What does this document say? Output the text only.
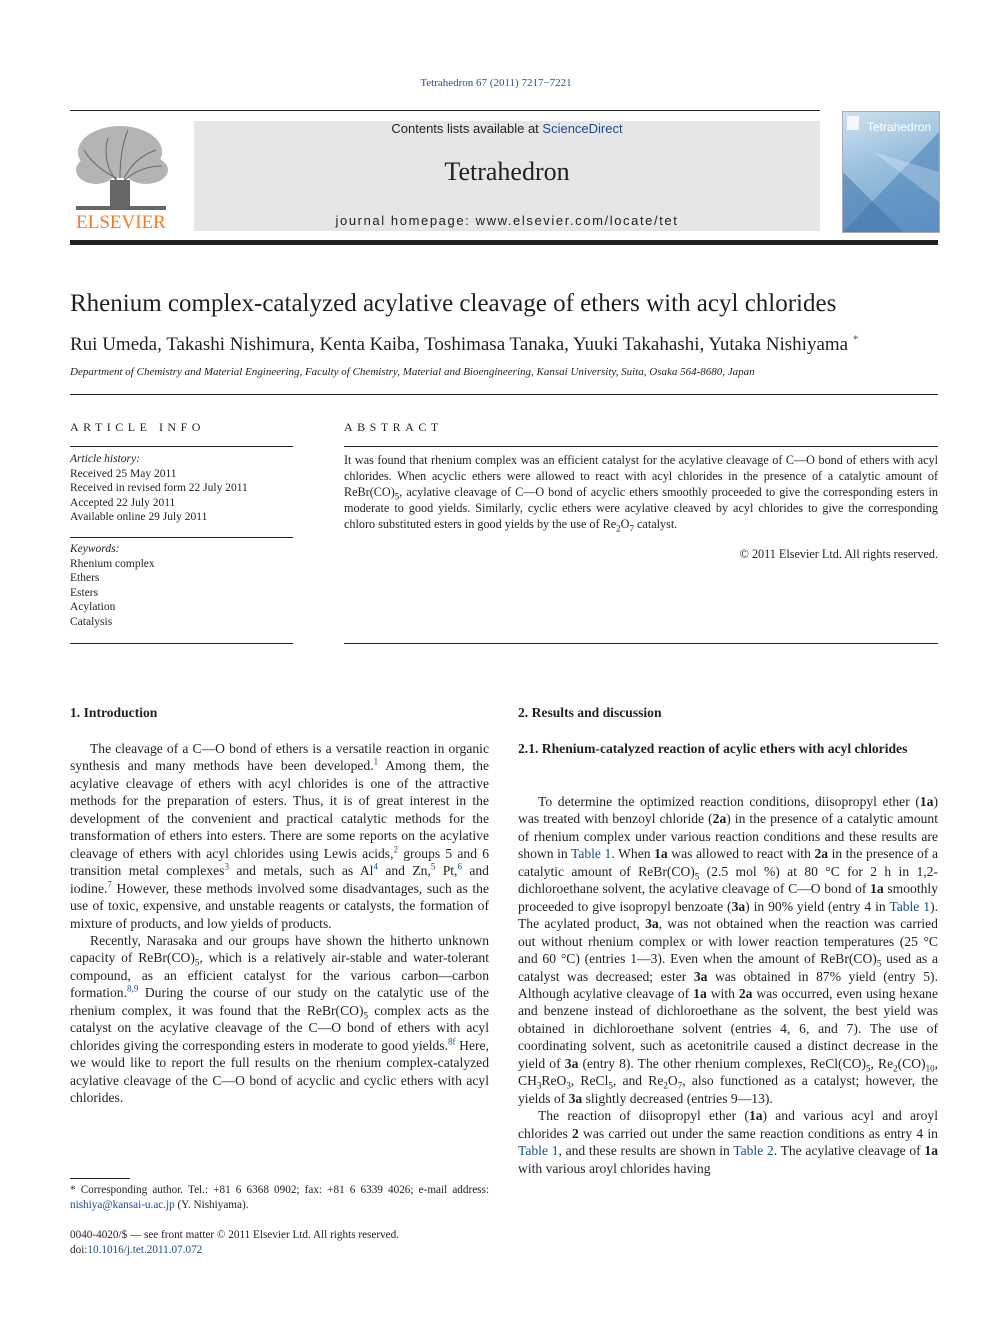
Tetrahedron 67 (2011) 7217−7221
ELSEVIER
Contents lists available at ScienceDirect
Tetrahedron
journal homepage: www.elsevier.com/locate/tet
Tetrahedron
Rhenium complex-catalyzed acylative cleavage of ethers with acyl chlorides
Rui Umeda, Takashi Nishimura, Kenta Kaiba, Toshimasa Tanaka, Yuuki Takahashi, Yutaka Nishiyama *
Department of Chemistry and Material Engineering, Faculty of Chemistry, Material and Bioengineering, Kansai University, Suita, Osaka 564-8680, Japan
ARTICLE INFO
Article history:
Received 25 May 2011
Received in revised form 22 July 2011
Accepted 22 July 2011
Available online 29 July 2011
Keywords:
Rhenium complex
Ethers
Esters
Acylation
Catalysis
ABSTRACT
It was found that rhenium complex was an efficient catalyst for the acylative cleavage of C—O bond of ethers with acyl chlorides. When acyclic ethers were allowed to react with acyl chlorides in the presence of a catalytic amount of $ReBr(CO)_5$, acylative cleavage of C—O bond of acyclic ethers smoothly proceeded to give the corresponding esters in moderate to good yields. Similarly, cyclic ethers were acylative cleaved by acyl chlorides to give the corresponding chloro substituted esters in good yields by the use of $Re_2O_7$ catalyst.
© 2011 Elsevier Ltd. All rights reserved.
1. Introduction

The cleavage of a C—O bond of ethers is a versatile reaction in organic synthesis and many methods have been developed.$^1$ Among them, the acylative cleavage of ethers with acyl chlorides is one of the attractive methods for the preparation of esters. Thus, it is of great interest in the development of the convenient and practical catalytic methods for the transformation of ethers into esters. There are some reports on the acylative cleavage of ethers with acyl chlorides using Lewis acids,$^2$ groups 5 and 6 transition metal complexes$^3$ and metals, such as Al$^4$ and Zn,$^5$ Pt,$^6$ and iodine.$^7$ However, these methods involved some disadvantages, such as the use of toxic, expensive, and unstable reagents or catalysts, the formation of mixture of products, and low yields of products.

Recently, Narasaka and our groups have shown the hitherto unknown capacity of $ReBr(CO)_5$, which is a relatively air-stable and water-tolerant compound, as an efficient catalyst for the various carbon—carbon formation.$^{8,9}$ During the course of our study on the catalytic use of the rhenium complex, it was found that the $ReBr(CO)_5$ complex acts as the catalyst on the acylative cleavage of the C—O bond of ethers with acyl chlorides giving the corresponding esters in moderate to good yields.$^{8f}$ Here, we would like to report the full results on the rhenium complex-catalyzed acylative cleavage of the C—O bond of acyclic and cyclic ethers with acyl chlorides.

* Corresponding author. Tel.: +81 6 6368 0902; fax: +81 6 6339 4026; e-mail address: nishiya@kansai-u.ac.jp (Y. Nishiyama).
0040-4020/$ — see front matter © 2011 Elsevier Ltd. All rights reserved.
doi:10.1016/j.tet.2011.07.072
2. Results and discussion
2.1. Rhenium-catalyzed reaction of acylic ethers with acyl chlorides

To determine the optimized reaction conditions, diisopropyl ether (1a) was treated with benzoyl chloride (2a) in the presence of a catalytic amount of rhenium complex under various reaction conditions and these results are shown in Table 1. When 1a was allowed to react with 2a in the presence of a catalytic amount of $ReBr(CO)_5$ (2.5 mol %) at 80 °C for 2 h in 1,2-dichloroethane solvent, the acylative cleavage of C—O bond of 1a smoothly proceeded to give isopropyl benzoate (3a) in 90% yield (entry 4 in Table 1). The acylated product, 3a, was not obtained when the reaction was carried out without rhenium complex or with lower reaction temperatures (25 °C and 60 °C) (entries 1—3). Even when the amount of $ReBr(CO)_5$ used as a catalyst was decreased; ester 3a was obtained in 87% yield (entry 5). Although acylative cleavage of 1a with 2a was occurred, even using hexane and benzene instead of dichloroethane as the solvent, the best yield was obtained in dichloroethane solvent (entries 4, 6, and 7). The use of coordinating solvent, such as acetonitrile caused a distinct decrease in the yield of 3a (entry 8). The other rhenium complexes, $ReCl(CO)_5$, $Re_2(CO)_{10}$, $CH_3ReO_3$, ReCl$_5$, and $Re_2O_7$, also functioned as a catalyst; however, the yields of 3a slightly decreased (entries 9—13).

The reaction of diisopropyl ether (1a) and various acyl and aroyl chlorides 2 was carried out under the same reaction conditions as entry 4 in Table 1, and these results are shown in Table 2. The acylative cleavage of 1a with various aroyl chlorides having
